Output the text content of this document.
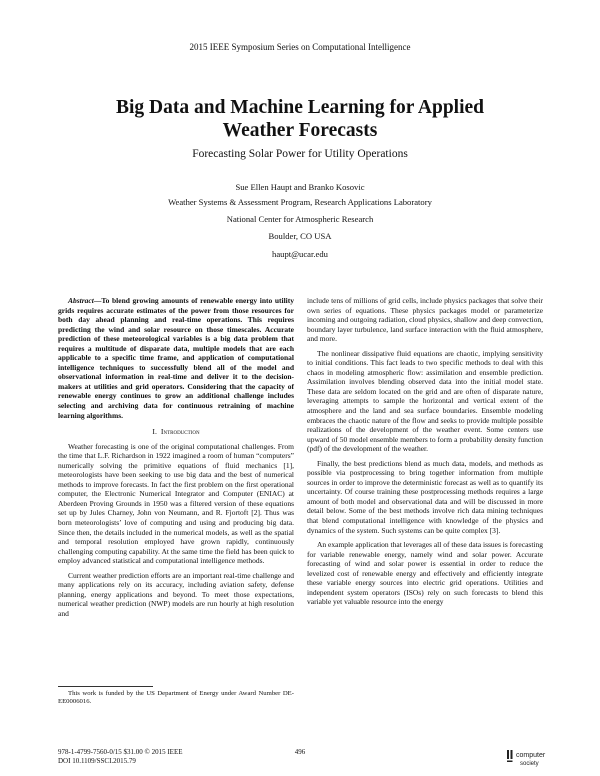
2015 IEEE Symposium Series on Computational Intelligence
Big Data and Machine Learning for Applied
Weather Forecasts
Forecasting Solar Power for Utility Operations
Sue Ellen Haupt and Branko Kosovic
Weather Systems & Assessment Program, Research Applications Laboratory
National Center for Atmospheric Research
Boulder, CO USA
haupt@ucar.edu

Abstract—To blend growing amounts of renewable energy into utility grids requires accurate estimates of the power from those resources for both day ahead planning and real-time operations. This requires predicting the wind and solar resource on those timescales. Accurate prediction of these meteorological variables is a big data problem that requires a multitude of disparate data, multiple models that are each applicable to a specific time frame, and application of computational intelligence techniques to successfully blend all of the model and observational information in real-time and deliver it to the decision-makers at utilities and grid operators. Considering that the capacity of renewable energy continues to grow an additional challenge includes selecting and archiving data for continuous retraining of machine learning algorithms.

I. Introduction

Weather forecasting is one of the original computational challenges. From the time that L.F. Richardson in 1922 imagined a room of human “computers” numerically solving the primitive equations of fluid mechanics [1], meteorologists have been seeking to use big data and the best of numerical methods to improve forecasts. In fact the first problem on the first operational computer, the Electronic Numerical Integrator and Computer (ENIAC) at Aberdeen Proving Grounds in 1950 was a filtered version of these equations set up by Jules Charney, John von Neumann, and R. Fjortoft [2]. Thus was born meteorologists’ love of computing and using and producing big data. Since then, the details included in the numerical models, as well as the spatial and temporal resolution employed have grown rapidly, continuously challenging computing capability. At the same time the field has been quick to employ advanced statistical and computational intelligence methods.

Current weather prediction efforts are an important real-time challenge and many applications rely on its accuracy, including aviation safety, defense planning, energy applications and beyond. To meet those expectations, numerical weather prediction (NWP) models are run hourly at high resolution and

This work is funded by the US Department of Energy under Award Number DE-EE0006016.

include tens of millions of grid cells, include physics packages that solve their own series of equations. These physics packages model or parameterize incoming and outgoing radiation, cloud physics, shallow and deep convection, boundary layer turbulence, land surface interaction with the fluid atmosphere, and more.

The nonlinear dissipative fluid equations are chaotic, implying sensitivity to initial conditions. This fact leads to two specific methods to deal with this chaos in modeling atmospheric flow: assimilation and ensemble prediction. Assimilation involves blending observed data into the initial model state. These data are seldom located on the grid and are often of disparate nature, leveraging attempts to sample the horizontal and vertical extent of the atmosphere and the land and sea surface boundaries. Ensemble modeling embraces the chaotic nature of the flow and seeks to provide multiple possible realizations of the development of the weather event. Some centers use upward of 50 model ensemble members to form a probability density function (pdf) of the development of the weather.

Finally, the best predictions blend as much data, models, and methods as possible via postprocessing to bring together information from multiple sources in order to improve the deterministic forecast as well as to quantify its uncertainty. Of course training these postprocessing methods requires a large amount of both model and observational data and will be discussed in more detail below. Some of the best methods involve rich data mining techniques that blend computational intelligence with knowledge of the physics and dynamics of the system. Such systems can be quite complex [3].

An example application that leverages all of these data issues is forecasting for variable renewable energy, namely wind and solar power. Accurate forecasting of wind and solar power is essential in order to reduce the levelized cost of renewable energy and effectively and efficiently integrate these variable energy sources into electric grid operations. Utilities and independent system operators (ISOs) rely on such forecasts to blend this variable yet valuable resource into the energy

978-1-4799-7560-0/15 $31.00 © 2015 IEEE
DOI 10.1109/SSCI.2015.79
496	computer
society
